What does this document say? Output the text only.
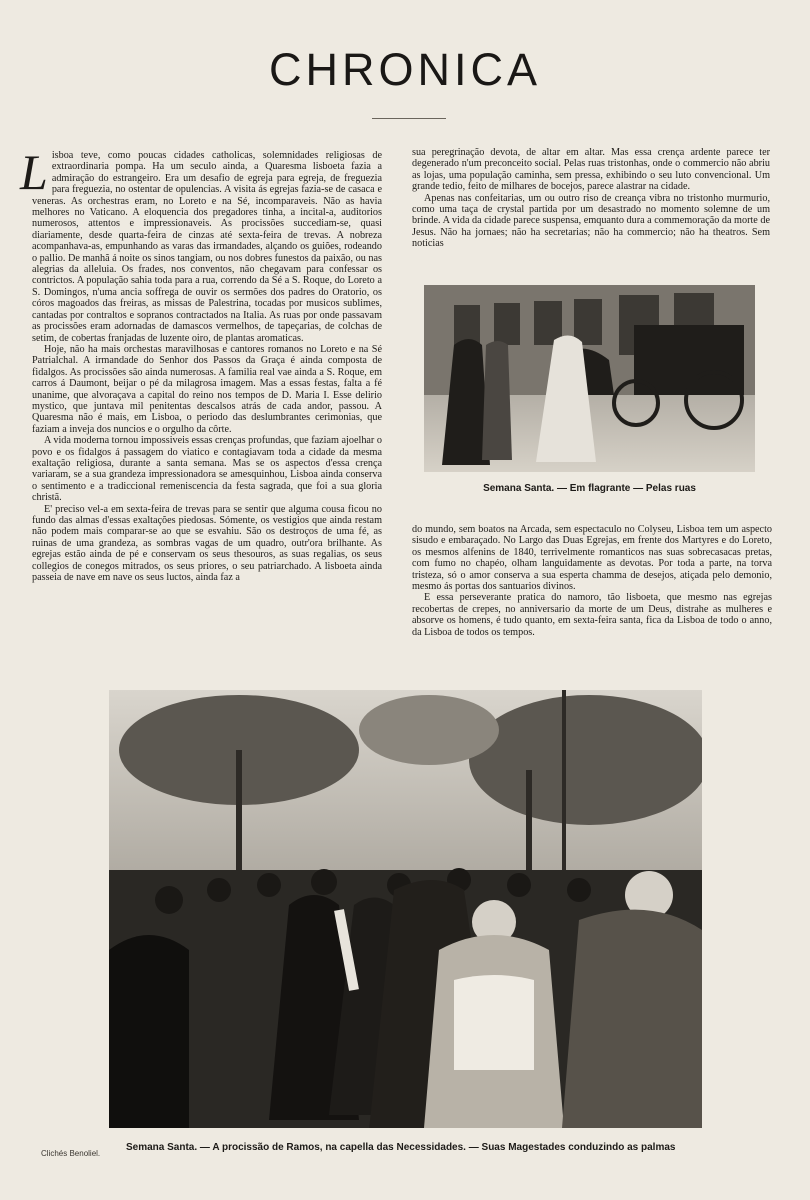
CHRONICA

Lisboa teve, como poucas cidades catholicas, solemnidades religiosas de extraordinaria pompa. Ha um seculo ainda, a Quaresma lisboeta fazia a admiração do estrangeiro. Era um desafio de egreja para egreja, de freguezia para freguezia, no ostentar de opulencias. A visita ás egrejas fazia-se de casaca e veneras. As orchestras eram, no Loreto e na Sé, incomparaveis. Não as havia melhores no Vaticano. A eloquencia dos pregadores tinha, a incital-a, auditorios numerosos, attentos e impressionaveis. As procissões succediam-se, quasi diariamente, desde quarta-feira de cinzas até sexta-feira de trevas. A nobreza acompanhava-as, empunhando as varas das irmandades, alçando os guiões, rodeando o pallio. De manhã á noite os sinos tangiam, ou nos dobres funestos da paixão, ou nas alegrias da alleluia. Os frades, nos conventos, não chegavam para confessar os contrictos. A população sahia toda para a rua, correndo da Sé a S. Roque, do Loreto a S. Domingos, n'uma ancia soffrega de ouvir os sermões dos padres do Oratorio, os córos magoados das freiras, as missas de Palestrina, tocadas por musicos sublimes, cantadas por contraltos e sopranos contractados na Italia. As ruas por onde passavam as procissões eram adornadas de damascos vermelhos, de tapeçarias, de colchas de setim, de cobertas franjadas de luzente oiro, de plantas aromaticas.

Hoje, não ha mais orchestas maravilhosas e cantores romanos no Loreto e na Sé Patrialchal. A irmandade do Senhor dos Passos da Graça é ainda composta de fidalgos. As procissões são ainda numerosas. A familia real vae ainda a S. Roque, em carros á Daumont, beijar o pé da milagrosa imagem. Mas a essas festas, falta a fé unanime, que alvoraçava a capital do reino nos tempos de D. Maria I. Esse delirio mystico, que juntava mil penitentas descalsos atrás de cada andor, passou. A Quaresma não é mais, em Lisboa, o periodo das deslumbrantes cerimonias, que faziam a inveja dos nuncios e o orgulho da côrte.

A vida moderna tornou impossiveis essas crenças profundas, que faziam ajoelhar o povo e os fidalgos á passagem do viatico e contagiavam toda a cidade da mesma exaltação religiosa, durante a santa semana. Mas se os aspectos d'essa crença variaram, se a sua grandeza impressionadora se amesquinhou, Lisboa ainda conserva o sentimento e a tradiccional remeniscencia da festa sagrada, que foi a sua gloria christã.

E' preciso vel-a em sexta-feira de trevas para se sentir que alguma cousa ficou no fundo das almas d'essas exaltações piedosas. Sómente, os vestigios que ainda restam não podem mais comparar-se ao que se esvahiu. São os destroços de uma fé, as ruinas de uma grandeza, as sombras vagas de um quadro, outr'ora brilhante. As egrejas estão ainda de pé e conservam os seus thesouros, as suas regalias, os seus collegios de conegos mitrados, os seus priores, o seu patriarchado. A lisboeta ainda passeia de nave em nave os seus luctos, ainda faz a

sua peregrinação devota, de altar em altar. Mas essa crença ardente parece ter degenerado n'um preconceito social. Pelas ruas tristonhas, onde o commercio não abriu as lojas, uma população caminha, sem pressa, exhibindo o seu luto convencional. Um grande tedio, feito de milhares de bocejos, parece alastrar na cidade.

Apenas nas confeitarias, um ou outro riso de creança vibra no tristonho murmurio, como uma taça de crystal partida por um desastrado no momento solemne de um brinde. A vida da cidade parece suspensa, emquanto dura a commemoração da morte de Jesus. Não ha jornaes; não ha secretarias; não ha commercio; não ha theatros. Sem noticias

Semana Santa. — Em flagrante — Pelas ruas

do mundo, sem boatos na Arcada, sem espectaculo no Colyseu, Lisboa tem um aspecto sisudo e embaraçado. No Largo das Duas Egrejas, em frente dos Martyres e do Loreto, os mesmos alfenins de 1840, terrivelmente romanticos nas suas sobrecasacas pretas, com fumo no chapéo, olham languidamente as devotas. Por toda a parte, na torva tristeza, só o amor conserva a sua esperta chamma de desejos, atiçada pelo demonio, mesmo ás portas dos santuarios divinos.

E essa perseverante pratica do namoro, tão lisboeta, que mesmo nas egrejas recobertas de crepes, no anniversario da morte de um Deus, distrahe as mulheres e absorve os homens, é tudo quanto, em sexta-feira santa, fica da Lisboa de todo o anno, da Lisboa de todos os tempos.

Clichés Benoliel.
Semana Santa. — A procissão de Ramos, na capella das Necessidades. — Suas Magestades conduzindo as palmas
